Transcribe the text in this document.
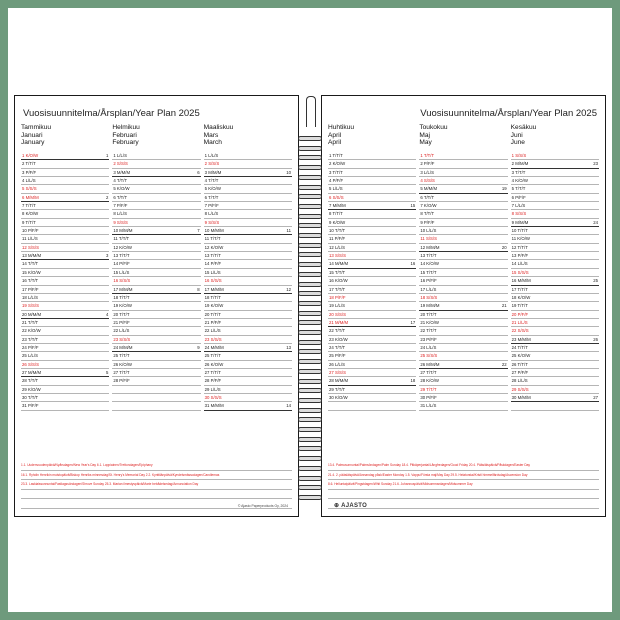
Vuosisuunnitelma/Årsplan/Year Plan 2025
Tammikuu
Januari
January
1 K/O/W	1
2 T/T/T
3 P/F/F
4 L/L/S
5 S/S/S
6 M/M/M	2
7 T/T/T
8 K/O/W
9 T/T/T
10 P/F/F
11 L/L/S
12 S/S/S
13 M/M/M	3
14 T/T/T
15 K/O/W
16 T/T/T
17 P/F/F
18 L/L/S
19 S/S/S
20 M/M/M	4
21 T/T/T
22 K/O/W
23 T/T/T
24 P/F/F
25 L/L/S
26 S/S/S
27 M/M/M	5
28 T/T/T
29 K/O/W
30 T/T/T
31 P/F/F
Helmikuu
Februari
February
1 L/L/S
2 S/S/S
3 M/M/M	6
4 T/T/T
5 K/O/W
6 T/T/T
7 P/F/F
8 L/L/S
9 S/S/S
10 M/M/M	7
11 T/T/T
12 K/O/W
13 T/T/T
14 P/F/F
15 L/L/S
16 S/S/S
17 M/M/M	8
18 T/T/T
19 K/O/W
20 T/T/T
21 P/F/F
22 L/L/S
23 S/S/S
24 M/M/M	9
25 T/T/T
26 K/O/W
27 T/T/T
28 P/F/F
Maaliskuu
Mars
March
1 L/L/S
2 S/S/S
3 M/M/M	10
4 T/T/T
5 K/O/W
6 T/T/T
7 P/F/F
8 L/L/S
9 S/S/S
10 M/M/M	11
11 T/T/T
12 K/O/W
13 T/T/T
14 P/F/F
15 L/L/S
16 S/S/S
17 M/M/M	12
18 T/T/T
19 K/O/W
20 T/T/T
21 P/F/F
22 L/L/S
23 S/S/S
24 M/M/M	13
25 T/T/T
26 K/O/W
27 T/T/T
28 P/F/F
29 L/L/S
30 S/S/S
31 M/M/M	14
1.1. Uudenvuodenpäivä/Nyårsdagen/New Year's Day 6.1. Loppiainen/Trettondagen/Epiphany
16.1. Ryhdin Henrikin muistopäivä/Biskop Henriks minnesdag/St. Henry's Memorial Day 2.2. Kynttilänpäivä/Kyndelsmässodagen/Candlemas
23.3. Laskiaissunnuntai/Fastlagssöndagen/Shrove Sunday 25.3. Marian ilmestyspäivä/Marie bebådelsedag/Annunciation Day
© Ajasto Paperproducts Oy, 2024
Vuosisuunnitelma/Årsplan/Year Plan 2025
Huhtikuu
April
April
1 T/T/T
2 K/O/W
3 T/T/T
4 P/F/F
5 L/L/S
6 S/S/S
7 M/M/M	15
8 T/T/T
9 K/O/W
10 T/T/T
11 P/F/F
12 L/L/S
13 S/S/S
14 M/M/M	16
15 T/T/T
16 K/O/W
17 T/T/T
18 P/F/F
19 L/L/S
20 S/S/S
21 M/M/M	17
22 T/T/T
23 K/O/W
24 T/T/T
25 P/F/F
26 L/L/S
27 S/S/S
28 M/M/M	18
29 T/T/T
30 K/O/W
Toukokuu
Maj
May
1 T/T/T
2 P/F/F
3 L/L/S
4 S/S/S
5 M/M/M	19
6 T/T/T
7 K/O/W
8 T/T/T
9 P/F/F
10 L/L/S
11 S/S/S
12 M/M/M	20
13 T/T/T
14 K/O/W
15 T/T/T
16 P/F/F
17 L/L/S
18 S/S/S
19 M/M/M	21
20 T/T/T
21 K/O/W
22 T/T/T
23 P/F/F
24 L/L/S
25 S/S/S
26 M/M/M	22
27 T/T/T
28 K/O/W
29 T/T/T
30 P/F/F
31 L/L/S
Kesäkuu
Juni
June
1 S/S/S
2 M/M/M	23
3 T/T/T
4 K/O/W
5 T/T/T
6 P/F/F
7 L/L/S
8 S/S/S
9 M/M/M	24
10 T/T/T
11 K/O/W
12 T/T/T
13 P/F/F
14 L/L/S
15 S/S/S
16 M/M/M	25
17 T/T/T
18 K/O/W
19 T/T/T
20 P/F/F
21 L/L/S
22 S/S/S
23 M/M/M	26
24 T/T/T
25 K/O/W
26 T/T/T
27 P/F/F
28 L/L/S
29 S/S/S
30 M/M/M	27
13.4. Palmusunnuntai/Palmsöndagen/Palm Sunday 18.4. Pitkäperjantai/Långfredagen/Good Friday 20.4. Pääsiäispäivä/Påskdagen/Easter Day
21.4. 2. pääsiäispäivä/Annandag påsk/Easter Monday 1.5. Vappu/Första maj/May Day 29.5. Helatorstai/Kristi himmelfärdsdag/Ascension Day
8.6. Helluntaipäivä/Pingstdagen/Whit Sunday 21.6. Juhannuspäivä/Midsommardagen/Midsummer Day
⊕ AJASTO
